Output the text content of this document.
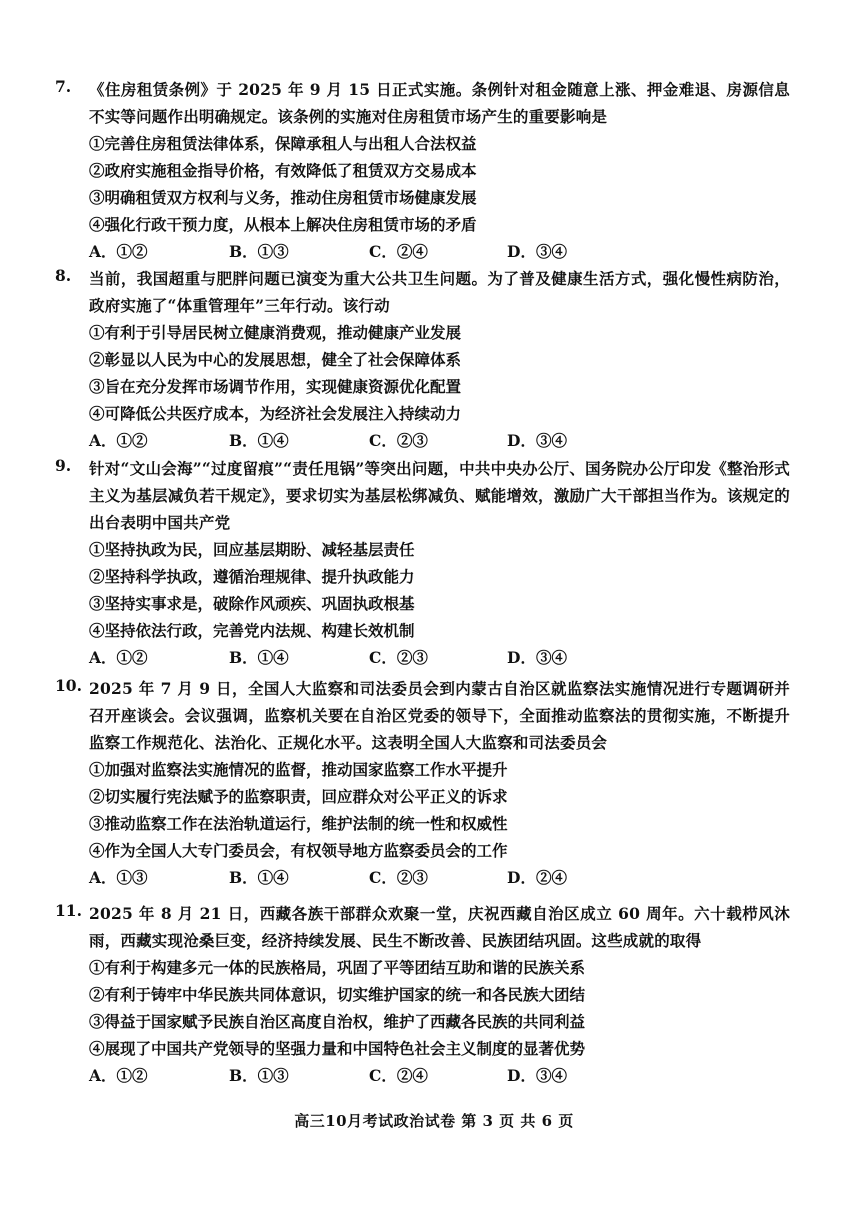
7. 《住房租赁条例》于 2025 年 9 月 15 日正式实施。条例针对租金随意上涨、押金难退、房源信息不实等问题作出明确规定。该条例的实施对住房租赁市场产生的重要影响是
①完善住房租赁法律体系，保障承租人与出租人合法权益
②政府实施租金指导价格，有效降低了租赁双方交易成本
③明确租赁双方权利与义务，推动住房租赁市场健康发展
④强化行政干预力度，从根本上解决住房租赁市场的矛盾
A．①②	B．①③	C．②④	D．③④
8. 当前，我国超重与肥胖问题已演变为重大公共卫生问题。为了普及健康生活方式，强化慢性病防治，政府实施了“体重管理年”三年行动。该行动
①有利于引导居民树立健康消费观，推动健康产业发展
②彰显以人民为中心的发展思想，健全了社会保障体系
③旨在充分发挥市场调节作用，实现健康资源优化配置
④可降低公共医疗成本，为经济社会发展注入持续动力
A．①②	B．①④	C．②③	D．③④
9. 针对“文山会海”“过度留痕”“责任甩锅”等突出问题，中共中央办公厅、国务院办公厅印发《整治形式主义为基层减负若干规定》，要求切实为基层松绑减负、赋能增效，激励广大干部担当作为。该规定的出台表明中国共产党
①坚持执政为民，回应基层期盼、减轻基层责任
②坚持科学执政，遵循治理规律、提升执政能力
③坚持实事求是，破除作风顽疾、巩固执政根基
④坚持依法行政，完善党内法规、构建长效机制
A．①②	B．①④	C．②③	D．③④
10. 2025 年 7 月 9 日，全国人大监察和司法委员会到内蒙古自治区就监察法实施情况进行专题调研并召开座谈会。会议强调，监察机关要在自治区党委的领导下，全面推动监察法的贯彻实施，不断提升监察工作规范化、法治化、正规化水平。这表明全国人大监察和司法委员会
①加强对监察法实施情况的监督，推动国家监察工作水平提升
②切实履行宪法赋予的监察职责，回应群众对公平正义的诉求
③推动监察工作在法治轨道运行，维护法制的统一性和权威性
④作为全国人大专门委员会，有权领导地方监察委员会的工作
A．①③	B．①④	C．②③	D．②④
11. 2025 年 8 月 21 日，西藏各族干部群众欢聚一堂，庆祝西藏自治区成立 60 周年。六十载栉风沐雨，西藏实现沧桑巨变，经济持续发展、民生不断改善、民族团结巩固。这些成就的取得
①有利于构建多元一体的民族格局，巩固了平等团结互助和谐的民族关系
②有利于铸牢中华民族共同体意识，切实维护国家的统一和各民族大团结
③得益于国家赋予民族自治区高度自治权，维护了西藏各民族的共同利益
④展现了中国共产党领导的坚强力量和中国特色社会主义制度的显著优势
A．①②	B．①③	C．②④	D．③④
高三10月考试政治试卷 第 3 页 共 6 页
